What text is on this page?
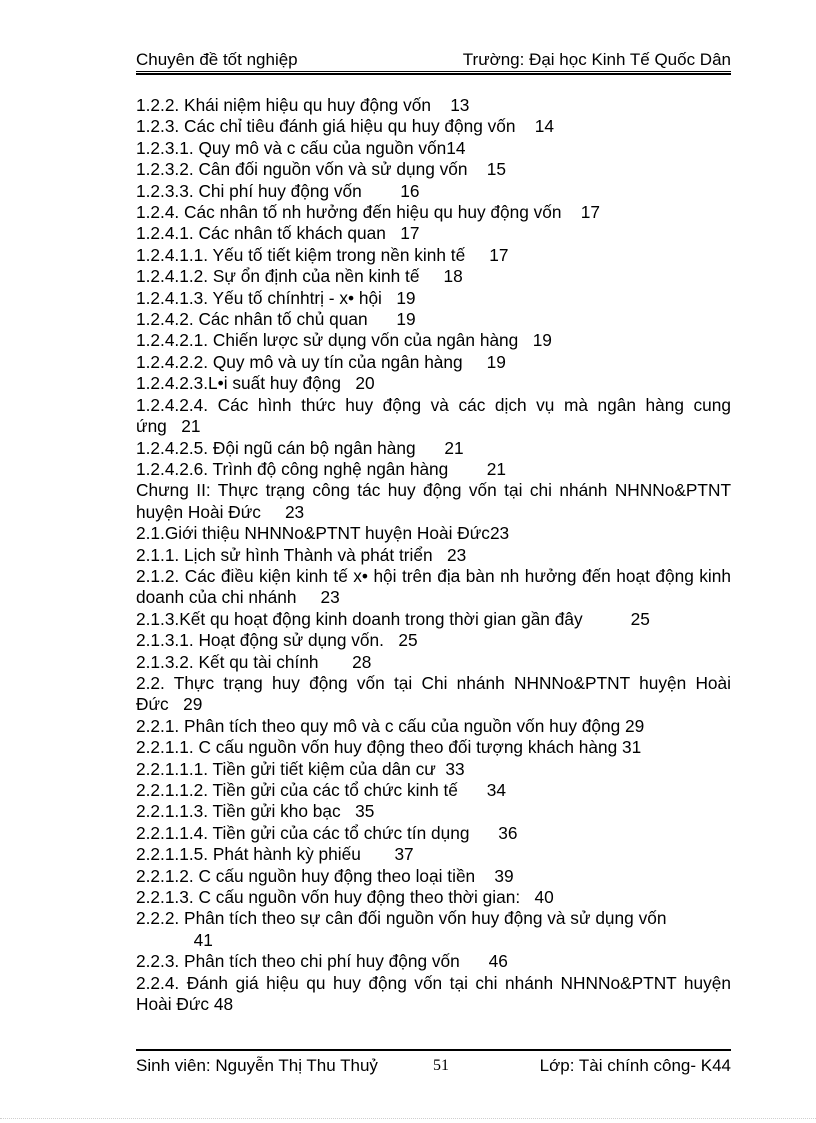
Chuyên đề tốt nghiệp	Trường: Đại học Kinh Tế Quốc Dân
1.2.2. Khái niệm hiệu qu huy động vốn 13
1.2.3. Các chỉ tiêu đánh giá hiệu qu huy động vốn 14
1.2.3.1. Quy mô và c cấu của nguồn vốn14
1.2.3.2. Cân đối nguồn vốn và sử dụng vốn 15
1.2.3.3. Chi phí huy động vốn 16
1.2.4. Các nhân tố nh hưởng đến hiệu qu huy động vốn 17
1.2.4.1. Các nhân tố khách quan 17
1.2.4.1.1. Yếu tố tiết kiệm trong nền kinh tế 17
1.2.4.1.2. Sự ổn định của nền kinh tế 18
1.2.4.1.3. Yếu tố chínhtrị - x• hội 19
1.2.4.2. Các nhân tố chủ quan 19
1.2.4.2.1. Chiến lược sử dụng vốn của ngân hàng 19
1.2.4.2.2. Quy mô và uy tín của ngân hàng 19
1.2.4.2.3.L•i suất huy động 20
1.2.4.2.4. Các hình thức huy động và các dịch vụ mà ngân hàng cung ứng 21
1.2.4.2.5. Đội ngũ cán bộ ngân hàng 21
1.2.4.2.6. Trình độ công nghệ ngân hàng 21
Chưng II: Thực trạng công tác huy động vốn tại chi nhánh NHNNo&PTNT huyện Hoài Đức 23
2.1.Giới thiệu NHNNo&PTNT huyện Hoài Đức23
2.1.1. Lịch sử hình Thành và phát triển 23
2.1.2. Các điều kiện kinh tế x• hội trên địa bàn nh hưởng đến hoạt động kinh doanh của chi nhánh 23
2.1.3.Kết qu hoạt động kinh doanh trong thời gian gần đây	25
2.1.3.1. Hoạt động sử dụng vốn. 25
2.1.3.2. Kết qu tài chính 28
2.2. Thực trạng huy động vốn tại Chi nhánh NHNNo&PTNT huyện Hoài Đức 29
2.2.1. Phân tích theo quy mô và c cấu của nguồn vốn huy động 29
2.2.1.1. C cấu nguồn vốn huy động theo đối tượng khách hàng 31
2.2.1.1.1. Tiền gửi tiết kiệm của dân cư 33
2.2.1.1.2. Tiền gửi của các tổ chức kinh tế 34
2.2.1.1.3. Tiền gửi kho bạc 35
2.2.1.1.4. Tiền gửi của các tổ chức tín dụng 36
2.2.1.1.5. Phát hành kỳ phiếu 37
2.2.1.2. C cấu nguồn huy động theo loại tiền 39
2.2.1.3. C cấu nguồn vốn huy động theo thời gian: 40
2.2.2. Phân tích theo sự cân đối nguồn vốn huy động và sử dụng vốn
41
2.2.3. Phân tích theo chi phí huy động vốn 46
2.2.4. Đánh giá hiệu qu huy động vốn tại chi nhánh NHNNo&PTNT huyện Hoài Đức 48
Sinh viên: Nguyễn Thị Thu Thuỷ	51	Lớp: Tài chính công- K44
